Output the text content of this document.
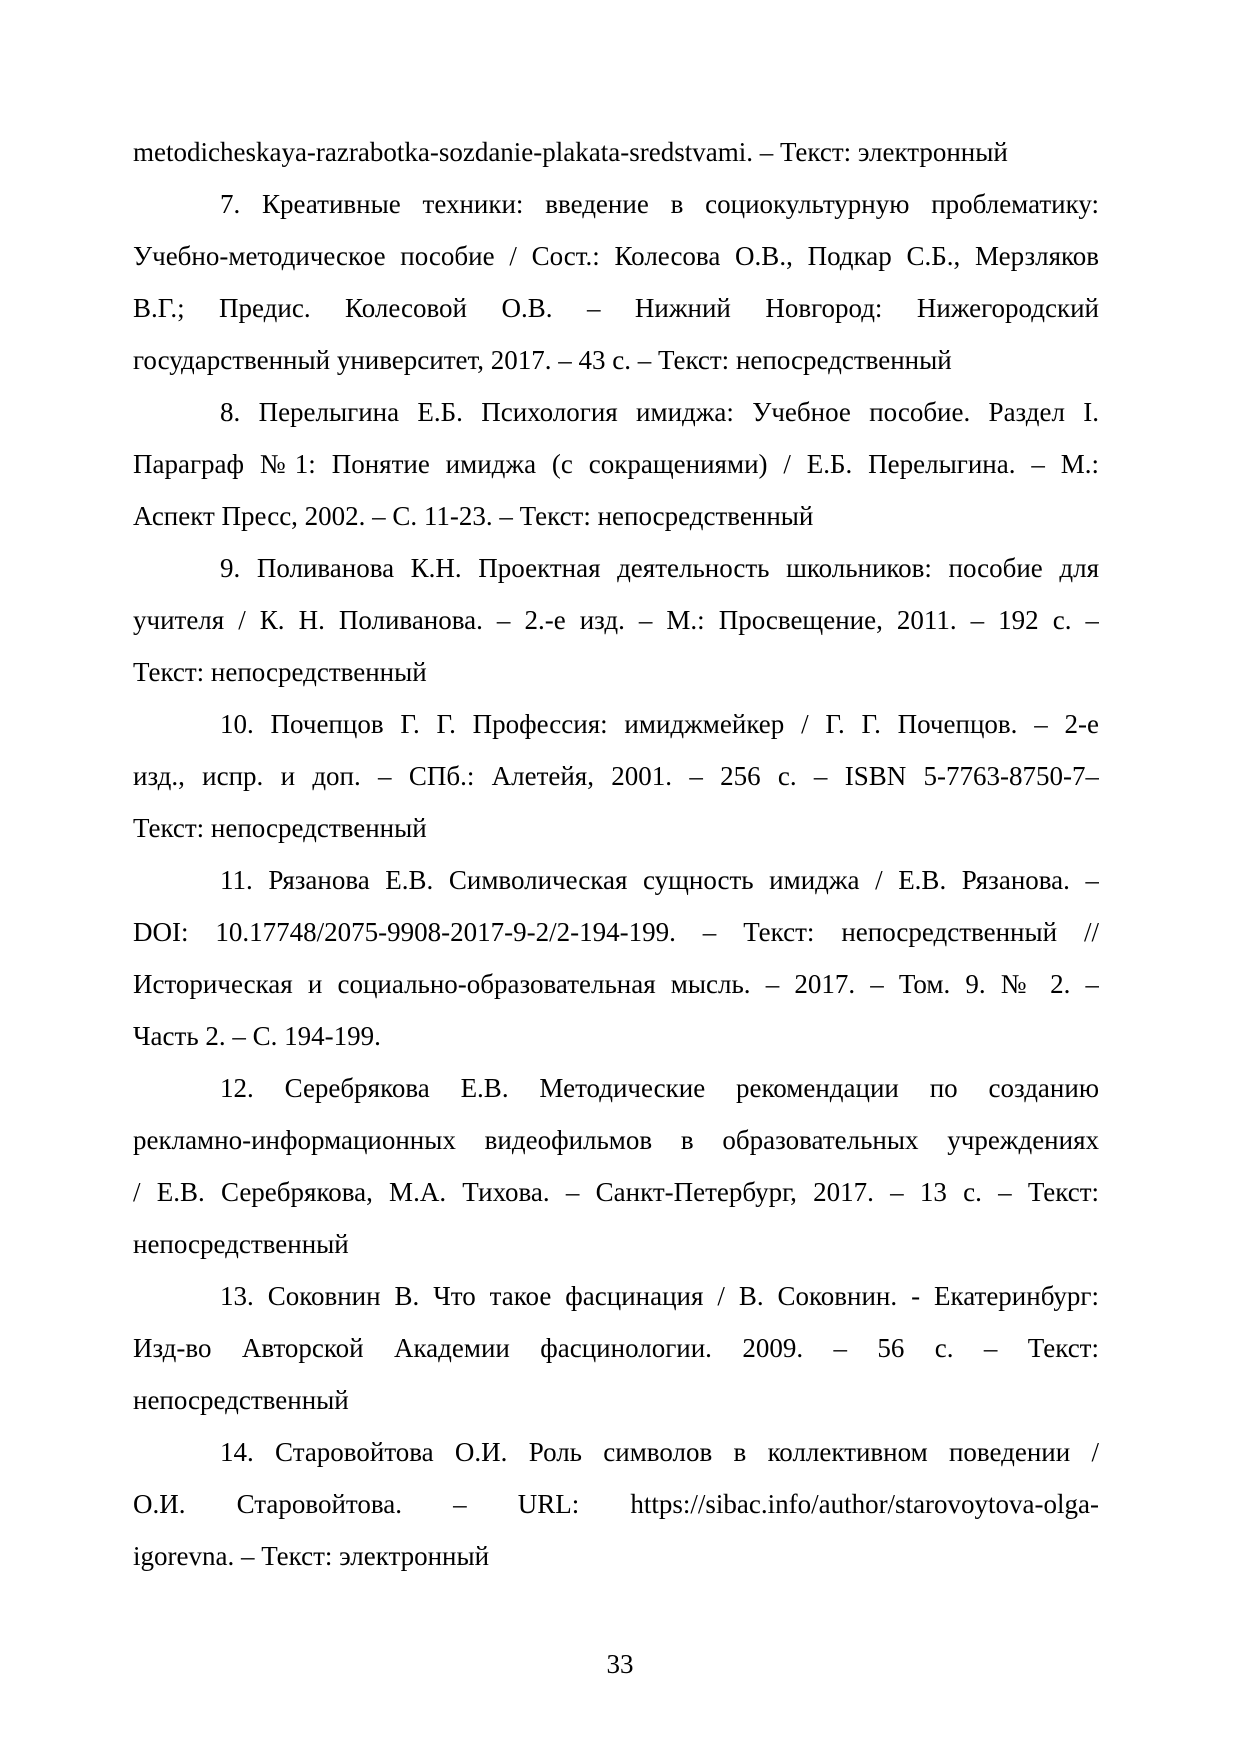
metodicheskaya-razrabotka-sozdanie-plakata-sredstvami. – Текст: электронный
7. Креативные техники: введение в социокультурную проблематику:
Учебно-методическое пособие / Сост.: Колесова О.В., Подкар С.Б., Мерзляков
В.Г.; Предис. Колесовой О.В. – Нижний Новгород: Нижегородский
государственный университет, 2017. – 43 с. – Текст: непосредственный
8. Перелыгина Е.Б. Психология имиджа: Учебное пособие. Раздел I.
Параграф №1: Понятие имиджа (с сокращениями) / Е.Б. Перелыгина. – М.:
Аспект Пресс, 2002. – С. 11-23. – Текст: непосредственный
9. Поливанова К.Н. Проектная деятельность школьников: пособие для
учителя / К. Н. Поливанова. – 2.-е изд. – М.: Просвещение, 2011. – 192 с. –
Текст: непосредственный
10. Почепцов Г. Г. Профессия: имиджмейкер / Г. Г. Почепцов. – 2-е
изд., испр. и доп. – СПб.: Алетейя, 2001. – 256 с. – ISBN 5-7763-8750-7–
Текст: непосредственный
11. Рязанова Е.В. Символическая сущность имиджа / Е.В. Рязанова. –
DOI: 10.17748/2075-9908-2017-9-2/2-194-199. – Текст: непосредственный //
Историческая и социально-образовательная мысль. – 2017. – Том. 9. № 2. –
Часть 2. – С. 194-199.
12. Серебрякова Е.В. Методические рекомендации по созданию
рекламно-информационных видеофильмов в образовательных учреждениях
/ Е.В. Серебрякова, М.А. Тихова. – Санкт-Петербург, 2017. – 13 с. – Текст:
непосредственный
13. Соковнин В. Что такое фасцинация / В. Соковнин. - Екатеринбург:
Изд-во Авторской Академии фасцинологии. 2009. – 56 с. – Текст:
непосредственный
14. Старовойтова О.И. Роль символов в коллективном поведении /
О.И. Старовойтова. – URL: https://sibac.info/author/starovoytova-olga-
igorevna. – Текст: электронный
33
